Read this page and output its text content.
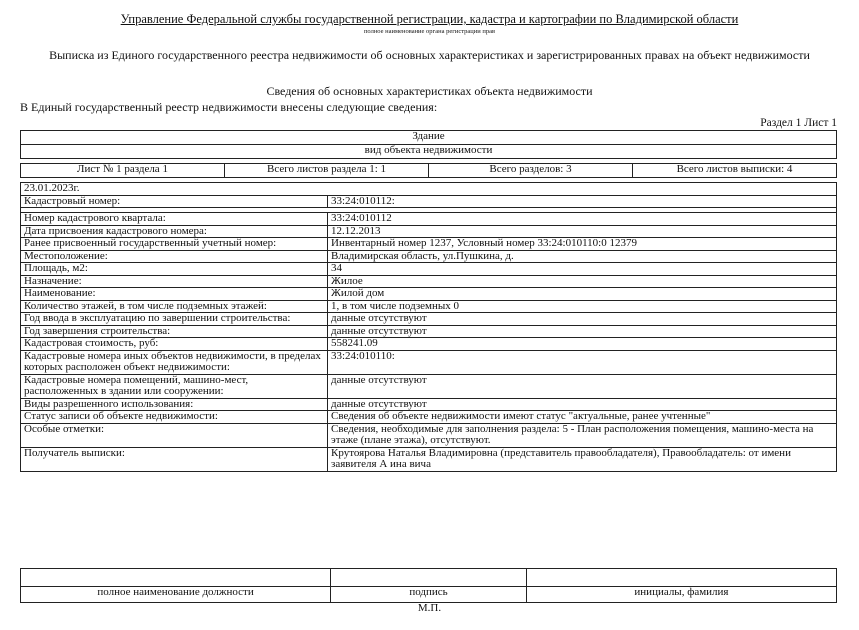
Управление Федеральной службы государственной регистрации, кадастра и картографии по Владимирской области
полное наименование органа регистрации прав
Выписка из Единого государственного реестра недвижимости об основных характеристиках и зарегистрированных правах на объект недвижимости
Сведения об основных характеристиках объекта недвижимости
В Единый государственный реестр недвижимости внесены следующие сведения:
Раздел 1 Лист 1
Здание
вид объекта недвижимости
Лист № 1 раздела 1	Всего листов раздела 1: 1	Всего разделов: 3	Всего листов выписки: 4
23.01.2023г.	
Кадастровый номер:	33:24:010112:

Номер кадастрового квартала:	33:24:010112
Дата присвоения кадастрового номера:	12.12.2013
Ранее присвоенный государственный учетный номер:	Инвентарный номер 1237, Условный номер 33:24:010110:0 12379
Местоположение:	Владимирская область, ул.Пушкина, д.
Площадь, м2:	34
Назначение:	Жилое
Наименование:	Жилой дом
Количество этажей, в том числе подземных этажей:	1, в том числе подземных 0
Год ввода в эксплуатацию по завершении строительства:	данные отсутствуют
Год завершения строительства:	данные отсутствуют
Кадастровая стоимость, руб:	558241.09
Кадастровые номера иных объектов недвижимости, в пределах которых расположен объект недвижимости:	33:24:010110:
Кадастровые номера помещений, машино-мест, расположенных в здании или сооружении:	данные отсутствуют
Виды разрешенного использования:	данные отсутствуют
Статус записи об объекте недвижимости:	Сведения об объекте недвижимости имеют статус "актуальные, ранее учтенные"
Особые отметки:	Сведения, необходимые для заполнения раздела: 5 - План расположения помещения, машино-места на этаже (плане этажа), отсутствуют.
Получатель выписки:	Крутоярова Наталья Владимировна (представитель правообладателя), Правообладатель: от имени заявителя А ина вича

полное наименование должности	подпись	инициалы, фамилия
М.П.
